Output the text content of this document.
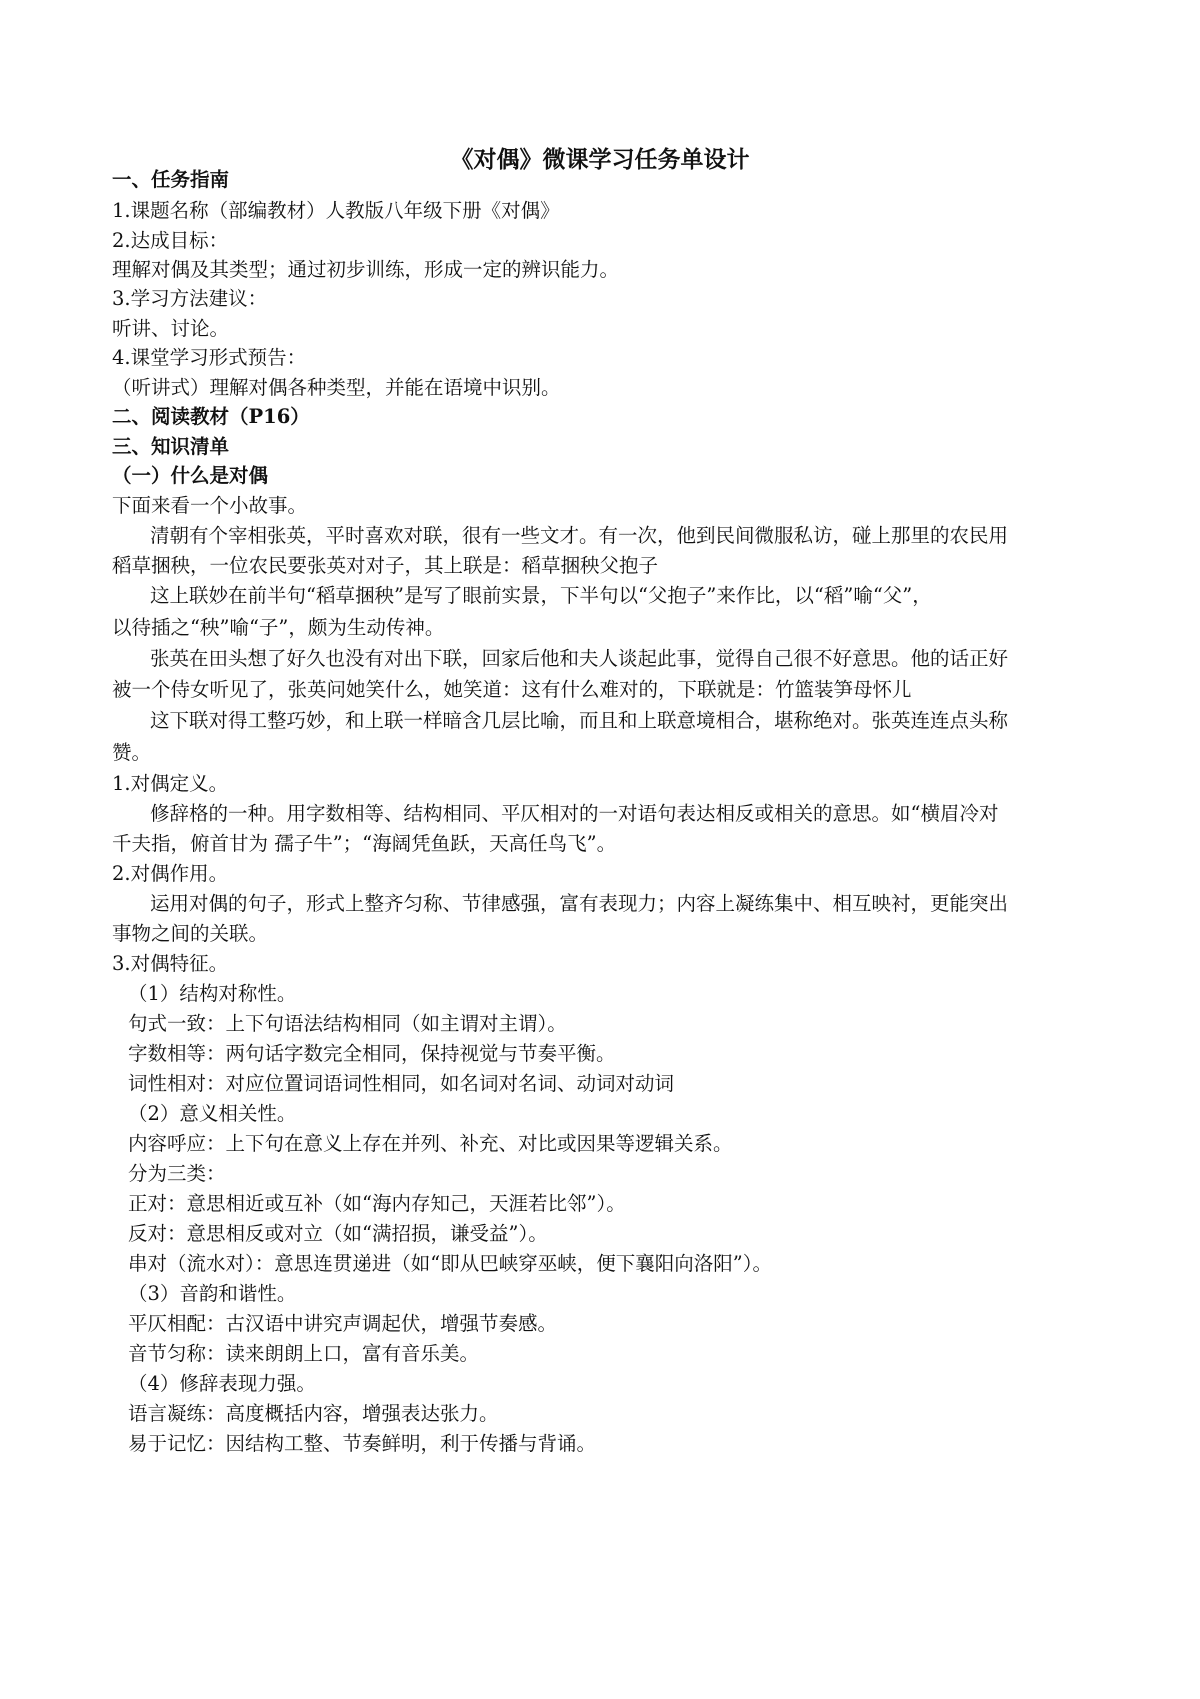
《对偶》微课学习任务单设计
一、任务指南
1.课题名称（部编教材）人教版八年级下册《对偶》
2.达成目标：
理解对偶及其类型；通过初步训练，形成一定的辨识能力。
3.学习方法建议：
听讲、讨论。
4.课堂学习形式预告：
（听讲式）理解对偶各种类型，并能在语境中识别。
二、阅读教材（P16）
三、知识清单
（一）什么是对偶
下面来看一个小故事。
清朝有个宰相张英，平时喜欢对联，很有一些文才。有一次，他到民间微服私访，碰上那里的农民用
稻草捆秧，一位农民要张英对对子，其上联是：稻草捆秧父抱子
这上联妙在前半句“稻草捆秧”是写了眼前实景，下半句以“父抱子”来作比，以“稻”喻“父”，
以待插之“秧”喻“子”，颇为生动传神。
张英在田头想了好久也没有对出下联，回家后他和夫人谈起此事，觉得自己很不好意思。他的话正好
被一个侍女听见了，张英问她笑什么，她笑道：这有什么难对的，下联就是：竹篮装笋母怀儿
这下联对得工整巧妙，和上联一样暗含几层比喻，而且和上联意境相合，堪称绝对。张英连连点头称
赞。
1.对偶定义。
修辞格的一种。用字数相等、结构相同、平仄相对的一对语句表达相反或相关的意思。如“横眉冷对
千夫指，俯首甘为 孺子牛”；“海阔凭鱼跃，天高任鸟飞”。
2.对偶作用。
运用对偶的句子，形式上整齐匀称、节律感强，富有表现力；内容上凝练集中、相互映衬，更能突出
事物之间的关联。
3.对偶特征。
（1）结构对称性。
句式一致：上下句语法结构相同（如主谓对主谓）。
字数相等：两句话字数完全相同，保持视觉与节奏平衡。
词性相对：对应位置词语词性相同，如名词对名词、动词对动词
（2）意义相关性。
内容呼应：上下句在意义上存在并列、补充、对比或因果等逻辑关系。
分为三类：
正对：意思相近或互补（如“海内存知己，天涯若比邻”）。
反对：意思相反或对立（如“满招损，谦受益”）。
串对（流水对）：意思连贯递进（如“即从巴峡穿巫峡，便下襄阳向洛阳”）。
（3）音韵和谐性。
平仄相配：古汉语中讲究声调起伏，增强节奏感。
音节匀称：读来朗朗上口，富有音乐美。
（4）修辞表现力强。
语言凝练：高度概括内容，增强表达张力。
易于记忆：因结构工整、节奏鲜明，利于传播与背诵。
